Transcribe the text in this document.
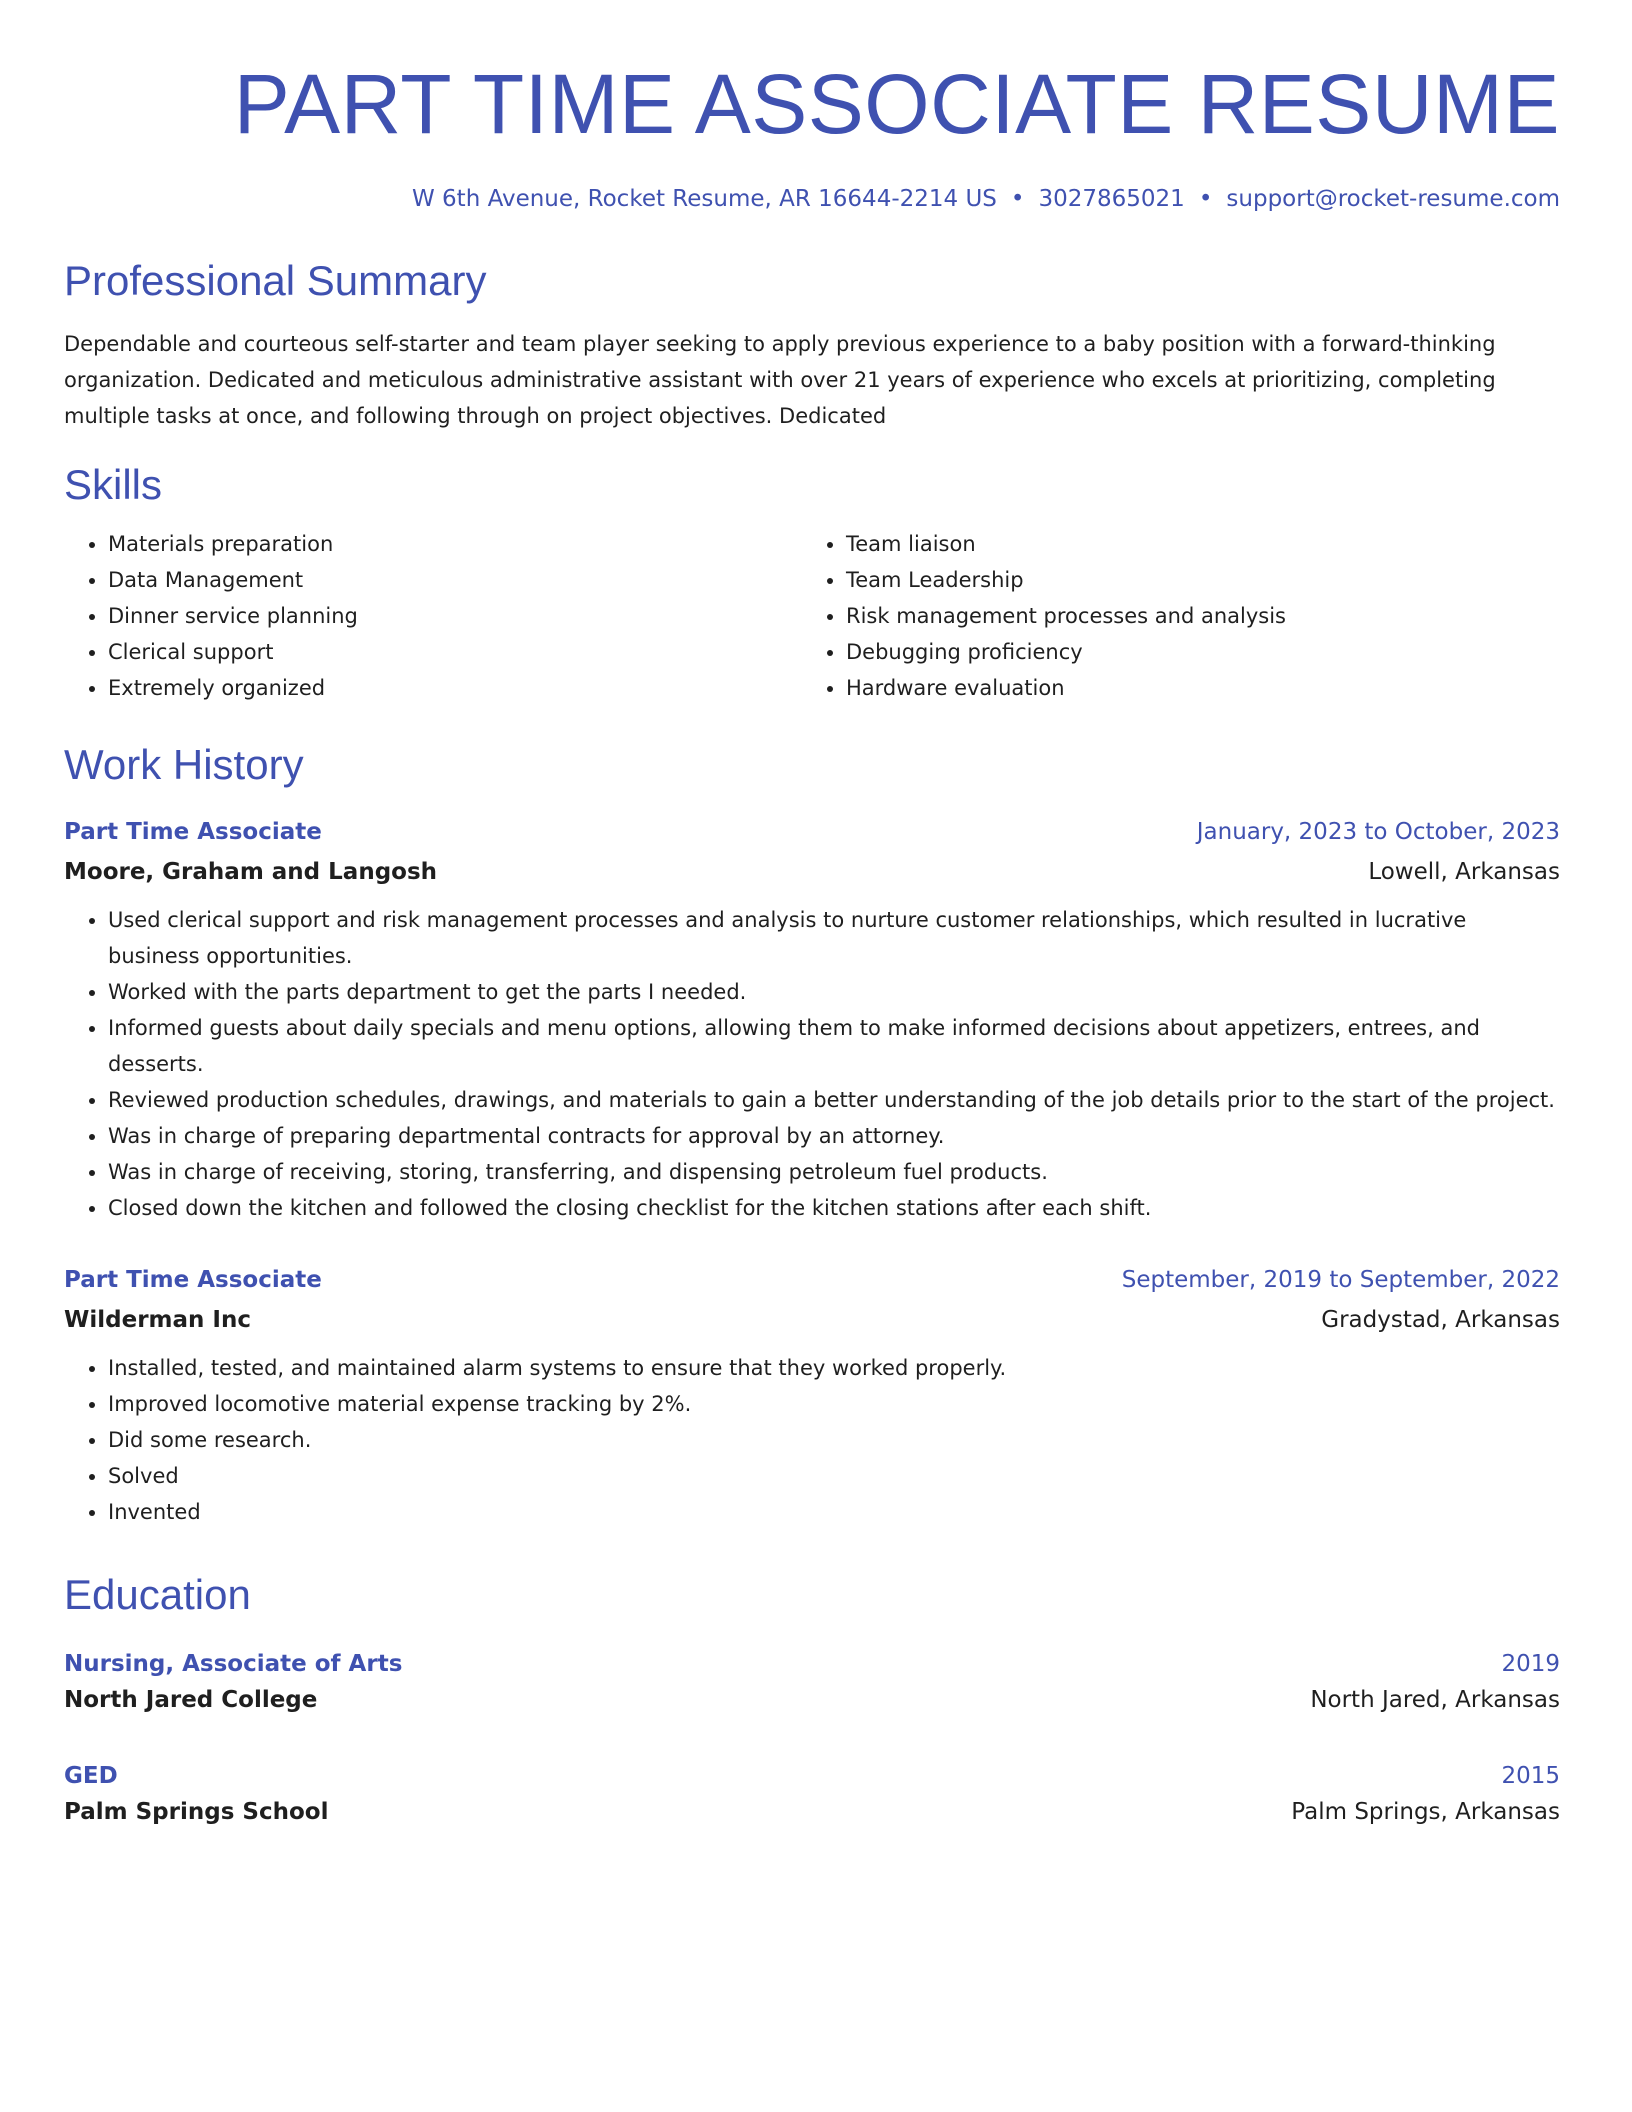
PART TIME ASSOCIATE RESUME
W 6th Avenue, Rocket Resume, AR 16644-2214 US • 3027865021 • support@rocket-resume.com
Professional Summary

Dependable and courteous self-starter and team player seeking to apply previous experience to a baby position with a forward-thinking organization. Dedicated and meticulous administrative assistant with over 21 years of experience who excels at prioritizing, completing multiple tasks at once, and following through on project objectives. Dedicated

Skills
• Materials preparation
• Data Management
• Dinner service planning
• Clerical support
• Extremely organized
• Team liaison
• Team Leadership
• Risk management processes and analysis
• Debugging proficiency
• Hardware evaluation
Work History
Part Time Associate	January, 2023 to October, 2023
Moore, Graham and Langosh	Lowell, Arkansas
• Used clerical support and risk management processes and analysis to nurture customer relationships, which resulted in lucrative business opportunities.
• Worked with the parts department to get the parts I needed.
• Informed guests about daily specials and menu options, allowing them to make informed decisions about appetizers, entrees, and desserts.
• Reviewed production schedules, drawings, and materials to gain a better understanding of the job details prior to the start of the project.
• Was in charge of preparing departmental contracts for approval by an attorney.
• Was in charge of receiving, storing, transferring, and dispensing petroleum fuel products.
• Closed down the kitchen and followed the closing checklist for the kitchen stations after each shift.
Part Time Associate	September, 2019 to September, 2022
Wilderman Inc	Gradystad, Arkansas
• Installed, tested, and maintained alarm systems to ensure that they worked properly.
• Improved locomotive material expense tracking by 2%.
• Did some research.
• Solved
• Invented
Education
Nursing, Associate of Arts	2019
North Jared College	North Jared, Arkansas
GED	2015
Palm Springs School	Palm Springs, Arkansas
